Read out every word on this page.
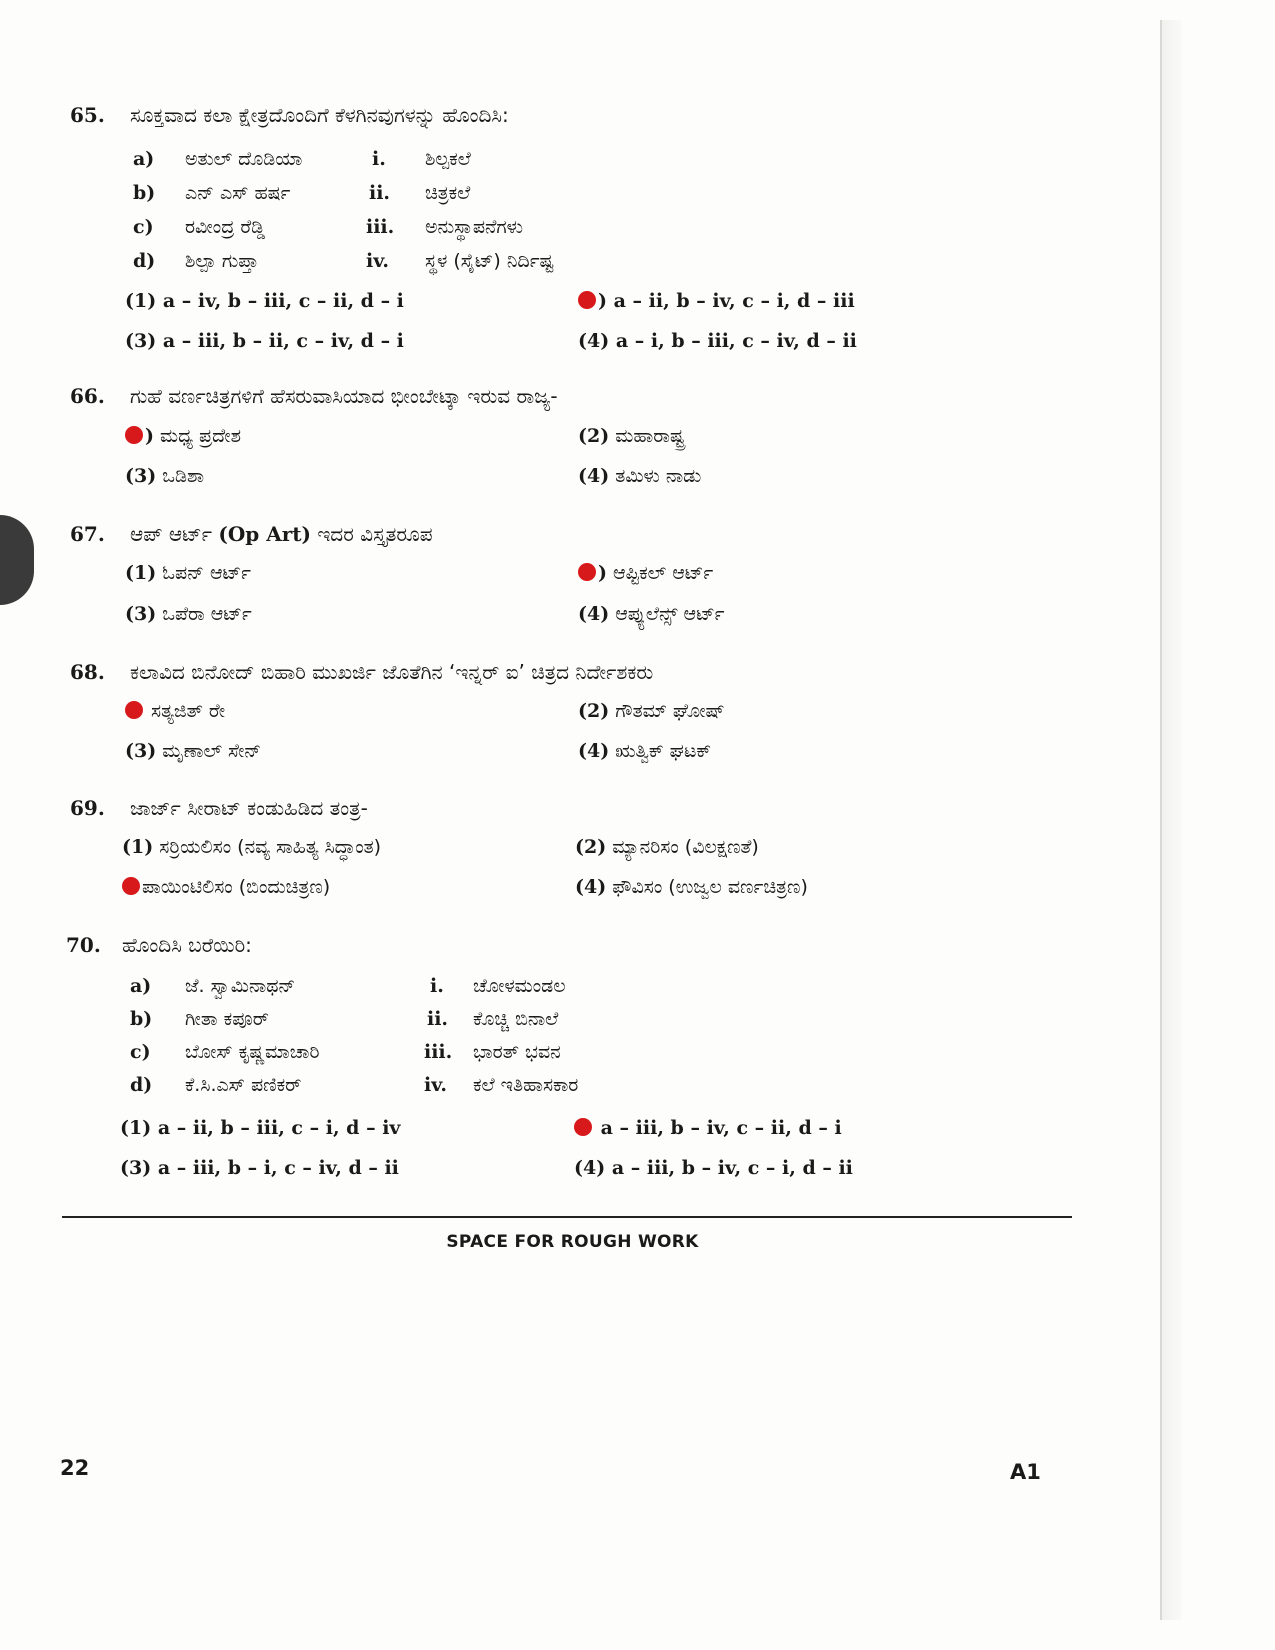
65. ಸೂಕ್ತವಾದ ಕಲಾ ಕ್ಷೇತ್ರದೊಂದಿಗೆ ಕೆಳಗಿನವುಗಳನ್ನು ಹೊಂದಿಸಿ:
a) ಅತುಲ್ ದೊಡಿಯಾ	i. ಶಿಲ್ಪಕಲೆ
b) ಎನ್ ಎಸ್ ಹರ್ಷ	ii. ಚಿತ್ರಕಲೆ
c) ರವೀಂದ್ರ ರೆಡ್ಡಿ	iii. ಅನುಸ್ಥಾಪನೆಗಳು
d) ಶಿಲ್ಪಾ ಗುಪ್ತಾ	iv. ಸ್ಥಳ (ಸೈಟ್) ನಿರ್ದಿಷ್ಟ
(1) a – iv, b – iii, c – ii, d – i	) a – ii, b – iv, c – i, d – iii
(3) a – iii, b – ii, c – iv, d – i	(4) a – i, b – iii, c – iv, d – ii
66. ಗುಹೆ ವರ್ಣಚಿತ್ರಗಳಿಗೆ ಹೆಸರುವಾಸಿಯಾದ ಭೀಂಬೇಟ್ಕಾ ಇರುವ ರಾಜ್ಯ-
) ಮಧ್ಯ ಪ್ರದೇಶ	(2) ಮಹಾರಾಷ್ಟ್ರ
(3) ಒಡಿಶಾ	(4) ತಮಿಳು ನಾಡು
67. ಆಪ್ ಆರ್ಟ್ (Op Art) ಇದರ ವಿಸ್ತೃತರೂಪ
(1) ಓಪನ್ ಆರ್ಟ್	) ಆಪ್ಟಿಕಲ್ ಆರ್ಟ್
(3) ಒಪೆರಾ ಆರ್ಟ್	(4) ಆಪ್ಯುಲೆನ್ಸ್ ಆರ್ಟ್
68. ಕಲಾವಿದ ಬಿನೋದ್ ಬಿಹಾರಿ ಮುಖರ್ಜಿ ಜೊತೆಗಿನ ‘ಇನ್ನರ್ ಐ’ ಚಿತ್ರದ ನಿರ್ದೇಶಕರು
ಸತ್ಯಜಿತ್ ರೇ	(2) ಗೌತಮ್ ಘೋಷ್
(3) ಮೃಣಾಲ್ ಸೇನ್	(4) ಋತ್ವಿಕ್ ಘಟಕ್
69. ಜಾರ್ಜ್ ಸೀರಾಟ್ ಕಂಡುಹಿಡಿದ ತಂತ್ರ-
(1) ಸರ್‍ರಿಯಲಿಸಂ (ನವ್ಯ ಸಾಹಿತ್ಯ ಸಿದ್ಧಾಂತ)	(2) ಮ್ಯಾನರಿಸಂ (ವಿಲಕ್ಷಣತೆ)
ಪಾಯಿಂಟಿಲಿಸಂ (ಬಿಂದುಚಿತ್ರಣ)	(4) ಫೌವಿಸಂ (ಉಜ್ವಲ ವರ್ಣಚಿತ್ರಣ)
70. ಹೊಂದಿಸಿ ಬರೆಯಿರಿ:
a) ಜೆ. ಸ್ವಾಮಿನಾಥನ್	i. ಚೋಳಮಂಡಲ
b) ಗೀತಾ ಕಪೂರ್	ii. ಕೊಚ್ಚಿ ಬಿನಾಲೆ
c) ಬೋಸ್ ಕೃಷ್ಣಮಾಚಾರಿ	iii. ಭಾರತ್ ಭವನ
d) ಕೆ.ಸಿ.ಎಸ್ ಪಣಿಕರ್	iv. ಕಲೆ ಇತಿಹಾಸಕಾರ
(1) a – ii, b – iii, c – i, d – iv	a – iii, b – iv, c – ii, d – i
(3) a – iii, b – i, c – iv, d – ii	(4) a – iii, b – iv, c – i, d – ii
SPACE FOR ROUGH WORK
22	A1
